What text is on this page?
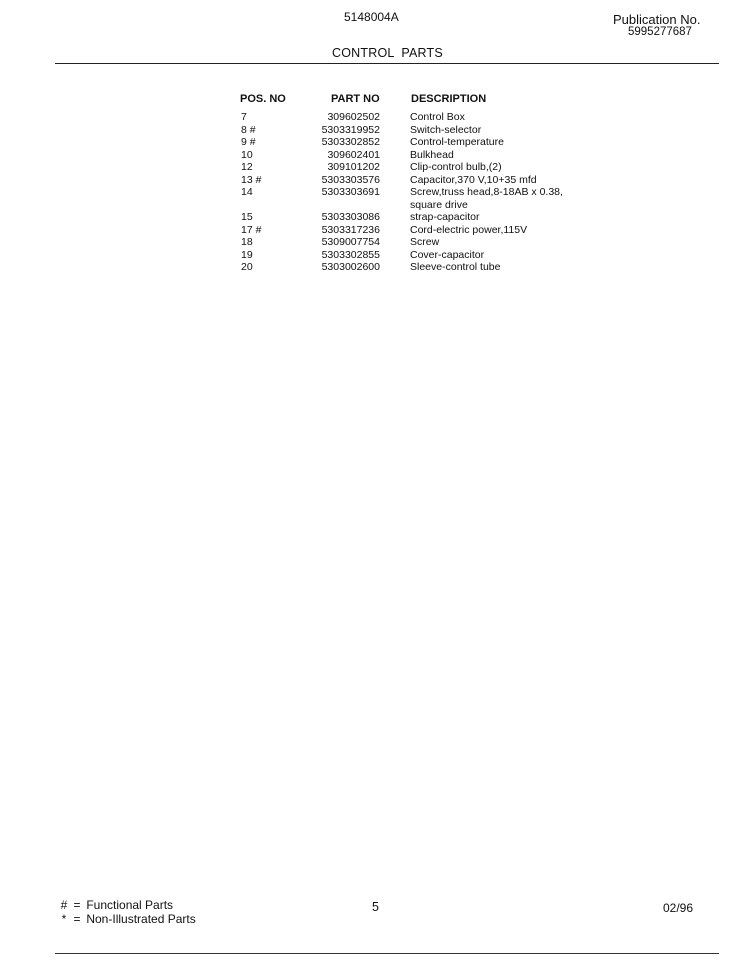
5148004A	Publication No.
5995277687
CONTROL  PARTS
POS. NO	PART NO	DESCRIPTION
7	309602502	Control Box
8 #	5303319952	Switch-selector
9 #	5303302852	Control-temperature
10	309602401	Bulkhead
12	309101202	Clip-control bulb,(2)
13 #	5303303576	Capacitor,370 V,10+35 mfd
14	5303303691	Screw,truss head,8-18AB x 0.38, square drive
15	5303303086	strap-capacitor
17 #	5303317236	Cord-electric power,115V
18	5309007754	Screw
19	5303302855	Cover-capacitor
20	5303002600	Sleeve-control tube
# = Functional Parts
* = Non-Illustrated Parts
5	02/96
